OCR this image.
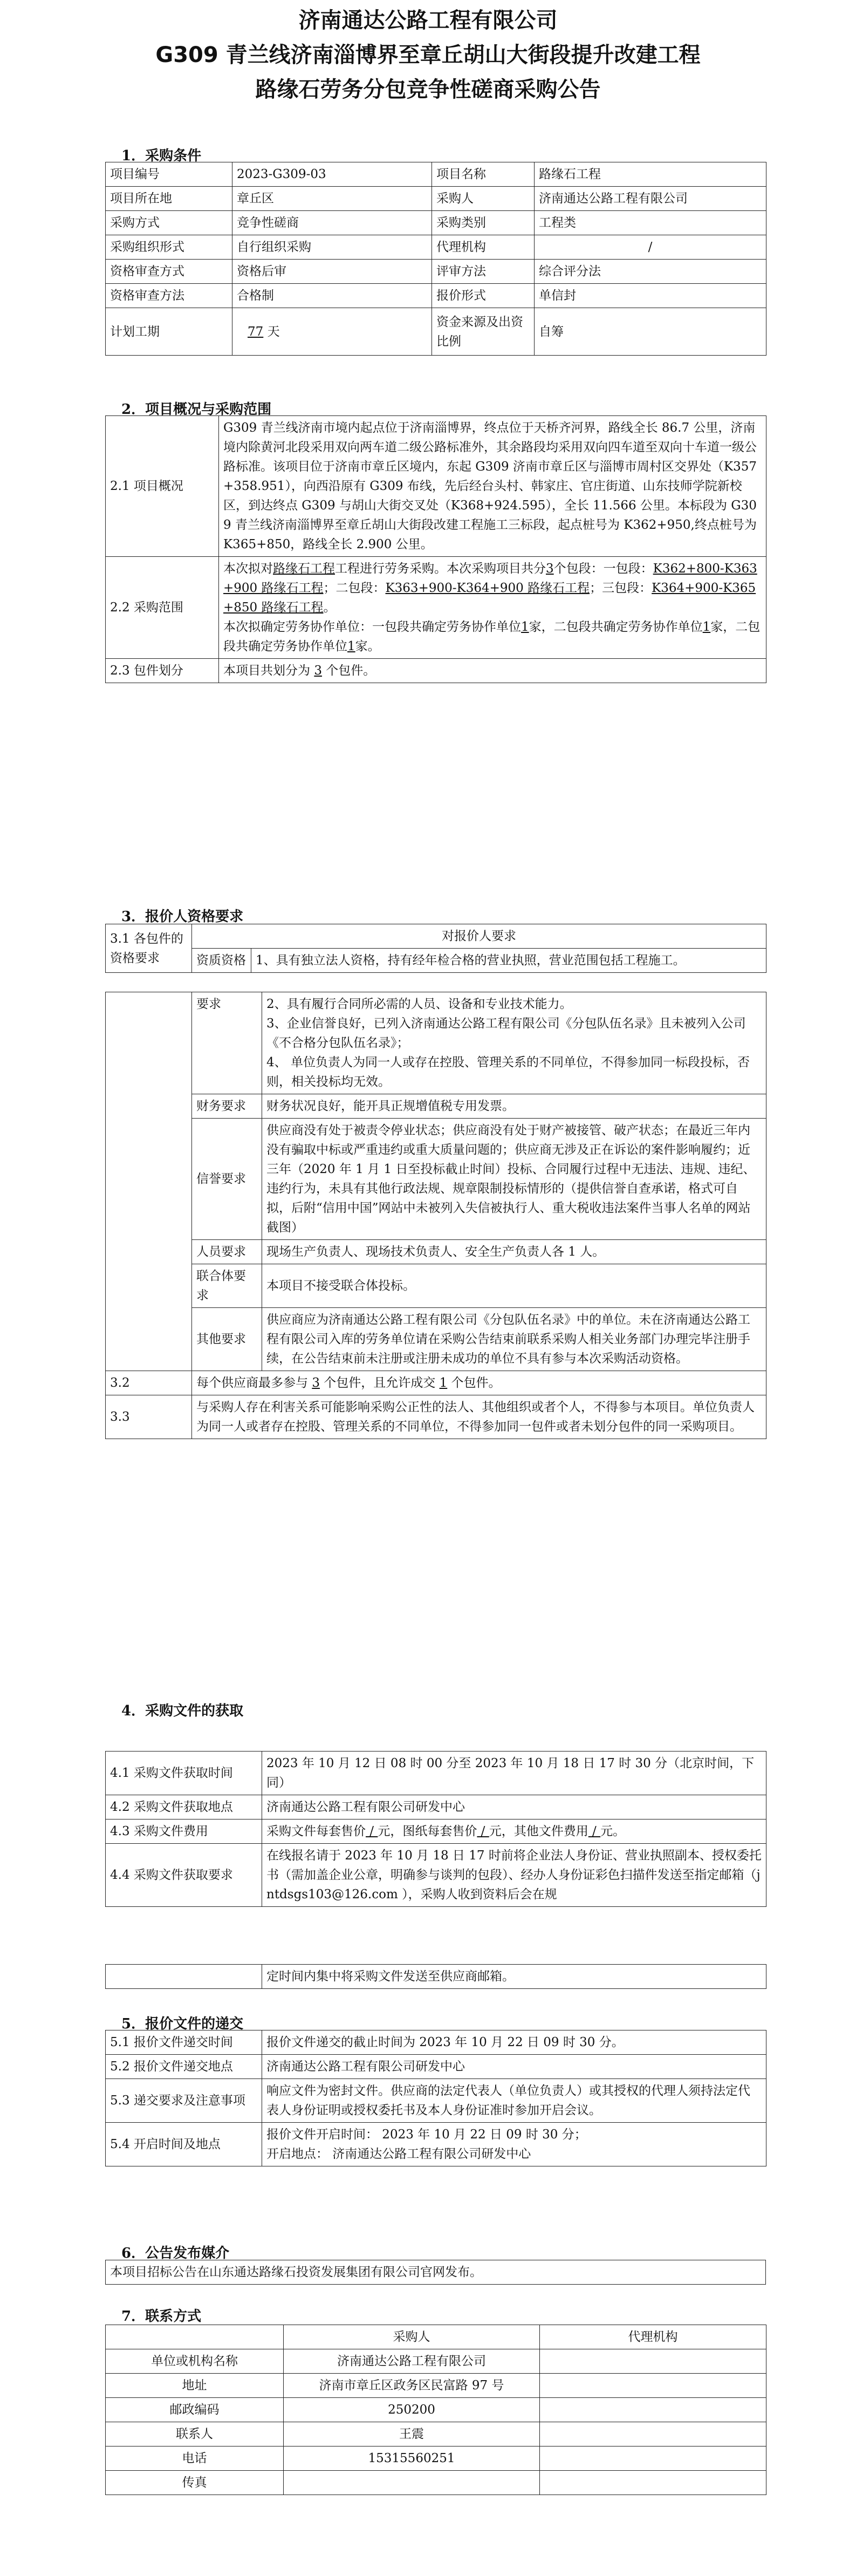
济南通达公路工程有限公司
G309 青兰线济南淄博界至章丘胡山大街段提升改建工程
路缘石劳务分包竞争性磋商采购公告
1．采购条件
项目编号	2023-G309-03	项目名称	路缘石工程
项目所在地	章丘区	采购人	济南通达公路工程有限公司
采购方式	竞争性磋商	采购类别	工程类
采购组织形式	自行组织采购	代理机构	/
资格审查方式	资格后审	评审方法	综合评分法
资格审查方法	合格制	报价形式	单信封
计划工期	77 天	资金来源及出资比例	自筹
2．项目概况与采购范围
2.1 项目概况	G309 青兰线济南市境内起点位于济南淄博界，终点位于天桥齐河界，路线全长 86.7 公里，济南境内除黄河北段采用双向两车道二级公路标准外，其余路段均采用双向四车道至双向十车道一级公路标准。该项目位于济南市章丘区境内，东起 G309 济南市章丘区与淄博市周村区交界处（K357+358.951），向西沿原有 G309 布线，先后经台头村、韩家庄、官庄街道、山东技师学院新校区，到达终点 G309 与胡山大街交叉处（K368+924.595），全长 11.566 公里。本标段为 G309 青兰线济南淄博界至章丘胡山大街段改建工程施工三标段，起点桩号为 K362+950,终点桩号为 K365+850，路线全长 2.900 公里。
2.2 采购范围	本次拟对路缘石工程工程进行劳务采购。本次采购项目共分3个包段：一包段：K362+800-K363+900 路缘石工程；二包段：K363+900-K364+900 路缘石工程；三包段：K364+900-K365+850 路缘石工程。
本次拟确定劳务协作单位：一包段共确定劳务协作单位1家，二包段共确定劳务协作单位1家，二包段共确定劳务协作单位1家。
2.3 包件划分	本项目共划分为 3 个包件。
3．报价人资格要求
3.1 各包件的资格要求	对报价人要求	
	资质资格	1、具有独立法人资格，持有经年检合格的营业执照，营业范围包括工程施工。
	要求	2、具有履行合同所必需的人员、设备和专业技术能力。
3、企业信誉良好，已列入济南通达公路工程有限公司《分包队伍名录》且未被列入公司《不合格分包队伍名录》；
4、 单位负责人为同一人或存在控股、管理关系的不同单位，不得参加同一标段投标，否则，相关投标均无效。
	财务要求	财务状况良好，能开具正规增值税专用发票。
	信誉要求	供应商没有处于被责令停业状态；供应商没有处于财产被接管、破产状态；在最近三年内没有骗取中标或严重违约或重大质量问题的；供应商无涉及正在诉讼的案件影响履约；近三年（2020 年 1 月 1 日至投标截止时间）投标、合同履行过程中无违法、违规、违纪、违约行为，未具有其他行政法规、规章限制投标情形的（提供信誉自查承诺，格式可自拟，后附“信用中国”网站中未被列入失信被执行人、重大税收违法案件当事人名单的网站截图）
	人员要求	现场生产负责人、现场技术负责人、安全生产负责人各 1 人。
	联合体要求	本项目不接受联合体投标。
	其他要求	供应商应为济南通达公路工程有限公司《分包队伍名录》中的单位。未在济南通达公路工程有限公司入库的劳务单位请在采购公告结束前联系采购人相关业务部门办理完毕注册手续，在公告结束前未注册或注册未成功的单位不具有参与本次采购活动资格。
3.2	每个供应商最多参与 3 个包件，且允许成交 1 个包件。	
3.3	与采购人存在利害关系可能影响采购公正性的法人、其他组织或者个人，不得参与本项目。单位负责人为同一人或者存在控股、管理关系的不同单位，不得参加同一包件或者未划分包件的同一采购项目。	
4．采购文件的获取
4.1 采购文件获取时间	2023 年 10 月 12 日 08 时 00 分至 2023 年 10 月 18 日 17 时 30 分（北京时间，下同）
4.2 采购文件获取地点	济南通达公路工程有限公司研发中心
4.3 采购文件费用	采购文件每套售价 / 元，图纸每套售价 / 元，其他文件费用 / 元。
4.4 采购文件获取要求	在线报名请于 2023 年 10 月 18 日 17 时前将企业法人身份证、营业执照副本、授权委托书（需加盖企业公章，明确参与谈判的包段）、经办人身份证彩色扫描件发送至指定邮箱（jntdsgs103@126.com ），采购人收到资料后会在规
	定时间内集中将采购文件发送至供应商邮箱。
5．报价文件的递交
5.1 报价文件递交时间	报价文件递交的截止时间为 2023 年 10 月 22 日 09 时 30 分。
5.2 报价文件递交地点	济南通达公路工程有限公司研发中心
5.3 递交要求及注意事项	响应文件为密封文件。供应商的法定代表人（单位负责人）或其授权的代理人须持法定代表人身份证明或授权委托书及本人身份证准时参加开启会议。
5.4 开启时间及地点	报价文件开启时间： 2023 年 10 月 22 日 09 时 30 分；
开启地点： 济南通达公路工程有限公司研发中心
6．公告发布媒介
本项目招标公告在山东通达路缘石投资发展集团有限公司官网发布。
7．联系方式
	采购人	代理机构
单位或机构名称	济南通达公路工程有限公司	
地址	济南市章丘区政务区民富路 97 号	
邮政编码	250200	
联系人	王震	
电话	15315560251	
传真		
